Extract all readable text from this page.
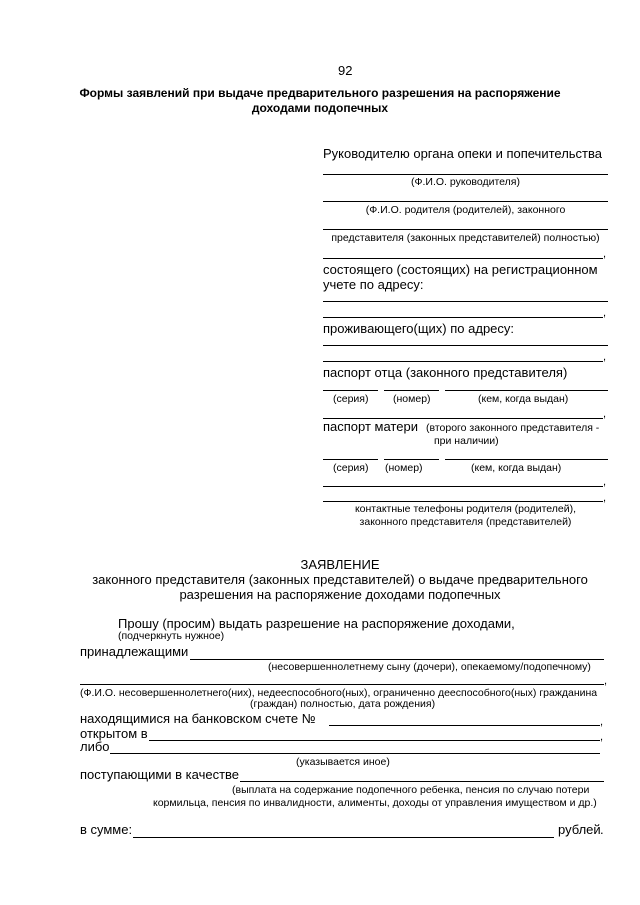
92
Формы заявлений при выдаче предварительного разрешения на распоряжение
доходами подопечных
Руководителю органа опеки и попечительства
(Ф.И.О. руководителя)
(Ф.И.О. родителя (родителей), законного
представителя (законных представителей) полностью)
,
состоящего (состоящих) на регистрационном
учете по адресу:
,
проживающего(щих) по адресу:
,
паспорт отца (законного представителя)
(серия) (номер)	(кем, когда выдан)
,
паспорт матери (второго законного представителя -
при наличии)
(серия) (номер)	(кем, когда выдан)
,
,
контактные телефоны родителя (родителей),
законного представителя (представителей)
ЗАЯВЛЕНИЕ
законного представителя (законных представителей) о выдаче предварительного
разрешения на распоряжение доходами подопечных
Прошу (просим) выдать разрешение на распоряжение доходами,
(подчеркнуть нужное)
принадлежащими
(несовершеннолетнему сыну (дочери), опекаемому/подопечному)
,
(Ф.И.О. несовершеннолетнего(них), недееспособного(ных), ограниченно дееспособного(ных) гражданина
(граждан) полностью, дата рождения)
находящимися на банковском счете №	,
открытом в	,
либо
(указывается иное)
поступающими в качестве
(выплата на содержание подопечного ребенка, пенсия по случаю потери
кормильца, пенсия по инвалидности, алименты, доходы от управления имуществом и др.)
в сумме:	рублей .
